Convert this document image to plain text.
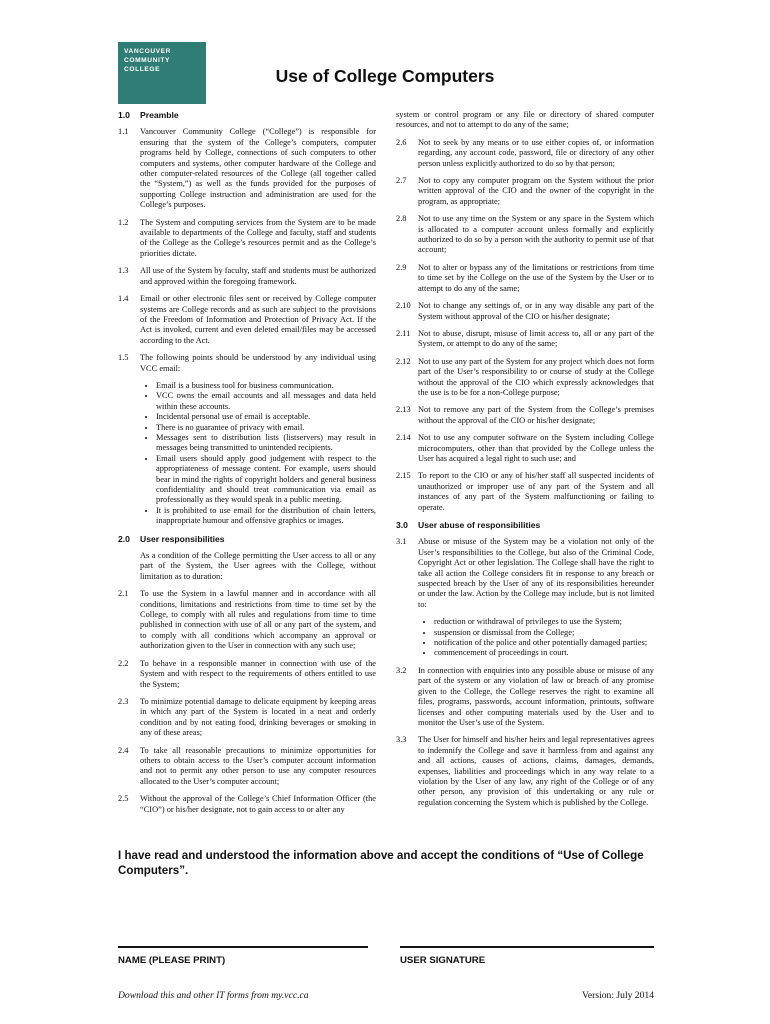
VANCOUVER
COMMUNITY
COLLEGE	Use of College Computers
1.0 Preamble
1.1	Vancouver Community College (“College”) is responsible for ensuring that the system of the College’s computers, computer programs held by College, connections of such computers to other computers and systems, other computer hardware of the College and other computer-related resources of the College (all together called the “System,”) as well as the funds provided for the purposes of supporting College instruction and administration are used for the College’s purposes.
1.2	The System and computing services from the System are to be made available to departments of the College and faculty, staff and students of the College as the College’s resources permit and as the College’s priorities dictate.
1.3	All use of the System by faculty, staff and students must be authorized and approved within the foregoing framework.
1.4	Email or other electronic files sent or received by College computer systems are College records and as such are subject to the provisions of the Freedom of Information and Protection of Privacy Act. If the Act is invoked, current and even deleted email/files may be accessed according to the Act.
1.5	The following points should be understood by any individual using VCC email:
• Email is a business tool for business communication.
• VCC owns the email accounts and all messages and data held within these accounts.
• Incidental personal use of email is acceptable.
• There is no guarantee of privacy with email.
• Messages sent to distribution lists (listservers) may result in messages being transmitted to unintended recipients.
• Email users should apply good judgement with respect to the appropriateness of message content. For example, users should bear in mind the rights of copyright holders and general business confidentiality and should treat communication via email as professionally as they would speak in a public meeting.
• It is prohibited to use email for the distribution of chain letters, inappropriate humour and offensive graphics or images.
2.0 User responsibilities
As a condition of the College permitting the User access to all or any part of the System, the User agrees with the College, without limitation as to duration:
2.1	To use the System in a lawful manner and in accordance with all conditions, limitations and restrictions from time to time set by the College, to comply with all rules and regulations from time to time published in connection with use of all or any part of the system, and to comply with all conditions which accompany an approval or authorization given to the User in connection with any such use;
2.2	To behave in a responsible manner in connection with use of the System and with respect to the requirements of others entitled to use the System;
2.3	To minimize potential damage to delicate equipment by keeping areas in which any part of the System is located in a neat and orderly condition and by not eating food, drinking beverages or smoking in any of these areas;
2.4	To take all reasonable precautions to minimize opportunities for others to obtain access to the User’s computer account information and not to permit any other person to use any computer resources allocated to the User’s computer account;
2.5	Without the approval of the College’s Chief Information Officer (the “CIO”) or his/her designate, not to gain access to or alter any
system or control program or any file or directory of shared computer resources, and not to attempt to do any of the same;
2.6	Not to seek by any means or to use either copies of, or information regarding, any account code, password, file or directory of any other person unless explicitly authorized to do so by that person;
2.7	Not to copy any computer program on the System without the prior written approval of the CIO and the owner of the copyright in the program, as appropriate;
2.8	Not to use any time on the System or any space in the System which is allocated to a computer account unless formally and explicitly authorized to do so by a person with the authority to permit use of that account;
2.9	Not to alter or bypass any of the limitations or restrictions from time to time set by the College on the use of the System by the User or to attempt to do any of the same;
2.10 Not to change any settings of, or in any way disable any part of the System without approval of the CIO or his/her designate;
2.11 Not to abuse, disrupt, misuse of limit access to, all or any part of the System, or attempt to do any of the same;
2.12 Not to use any part of the System for any project which does not form part of the User’s responsibility to or course of study at the College without the approval of the CIO which expressly acknowledges that the use is to be for a non-College purpose;
2.13 Not to remove any part of the System from the College’s premises without the approval of the CIO or his/her designate;
2.14 Not to use any computer software on the System including College microcomputers, other than that provided by the College unless the User has acquired a legal right to such use; and
2.15 To report to the CIO or any of his/her staff all suspected incidents of unauthorized or improper use of any part of the System and all instances of any part of the System malfunctioning or failing to operate.
3.0 User abuse of responsibilities
3.1	Abuse or misuse of the System may be a violation not only of the User’s responsibilities to the College, but also of the Criminal Code, Copyright Act or other legislation. The College shall have the right to take all action the College considers fit in response to any breach or suspected breach by the User of any of its responsibilities hereunder or under the law. Action by the College may include, but is not limited to:
• reduction or withdrawal of privileges to use the System;
• suspension or dismissal from the College;
• notification of the police and other potentially damaged parties;
• commencement of proceedings in court.
3.2	In connection with enquiries into any possible abuse or misuse of any part of the system or any violation of law or breach of any promise given to the College, the College reserves the right to examine all files, programs, passwords, account information, printouts, software licenses and other computing materials used by the User and to monitor the User’s use of the System.
3.3	The User for himself and his/her heirs and legal representatives agrees to indemnify the College and save it harmless from and against any and all actions, causes of actions, claims, damages, demands, expenses, liabilities and proceedings which in any way relate to a violation by the User of any law, any right of the College or of any other person, any provision of this undertaking or any rule or regulation concerning the System which is published by the College.
I have read and understood the information above and accept the conditions of “Use of College Computers”.
NAME (PLEASE PRINT)	USER SIGNATURE
Download this and other IT forms from my.vcc.ca	Version: July 2014
